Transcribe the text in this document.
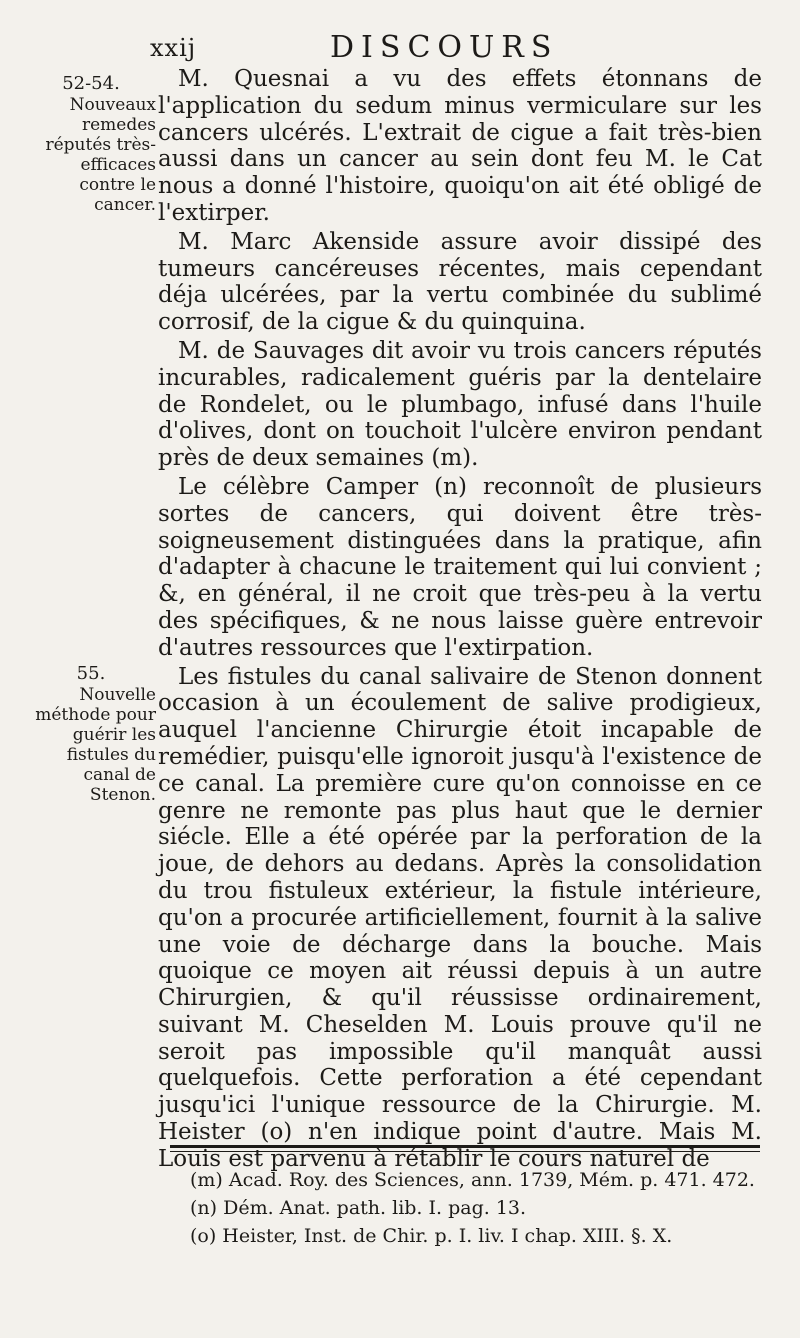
xxij	DISCOURS
52-54.
Nouveaux remedes réputés très-efficaces contre le cancer.
55.
Nouvelle méthode pour guérir les fistules du canal de Stenon.

M. Quesnai a vu des effets étonnans de l'application du sedum minus vermiculare sur les cancers ulcérés. L'extrait de cigue a fait très-bien aussi dans un cancer au sein dont feu M. le Cat nous a donné l'histoire, quoiqu'on ait été obligé de l'extirper.

M. Marc Akenside assure avoir dissipé des tumeurs cancéreuses récentes, mais cependant déja ulcérées, par la vertu combinée du sublimé corrosif, de la cigue & du quinquina.

M. de Sauvages dit avoir vu trois cancers réputés incurables, radicalement guéris par la dentelaire de Rondelet, ou le plumbago, infusé dans l'huile d'olives, dont on touchoit l'ulcère environ pendant près de deux semaines (m).

Le célèbre Camper (n) reconnoît de plusieurs sortes de cancers, qui doivent être très-soigneusement distinguées dans la pratique, afin d'adapter à chacune le traitement qui lui convient ; &, en général, il ne croit que très-peu à la vertu des spécifiques, & ne nous laisse guère entrevoir d'autres ressources que l'extirpation.

Les fistules du canal salivaire de Stenon donnent occasion à un écoulement de salive prodigieux, auquel l'ancienne Chirurgie étoit incapable de remédier, puisqu'elle ignoroit jusqu'à l'existence de ce canal. La première cure qu'on connoisse en ce genre ne remonte pas plus haut que le dernier siécle. Elle a été opérée par la perforation de la joue, de dehors au dedans. Après la consolidation du trou fistuleux extérieur, la fistule intérieure, qu'on a procurée artificiellement, fournit à la salive une voie de décharge dans la bouche. Mais quoique ce moyen ait réussi depuis à un autre Chirurgien, & qu'il réussisse ordinairement, suivant M. Cheselden M. Louis prouve qu'il ne seroit pas impossible qu'il manquât aussi quelquefois. Cette perforation a été cependant jusqu'ici l'unique ressource de la Chirurgie. M. Heister (o) n'en indique point d'autre. Mais M. Louis est parvenu à rétablir le cours naturel de

(m) Acad. Roy. des Sciences, ann. 1739, Mém. p. 471. 472.
(n) Dém. Anat. path. lib. I. pag. 13.
(o) Heister, Inst. de Chir. p. I. liv. I chap. XIII. §. X.
